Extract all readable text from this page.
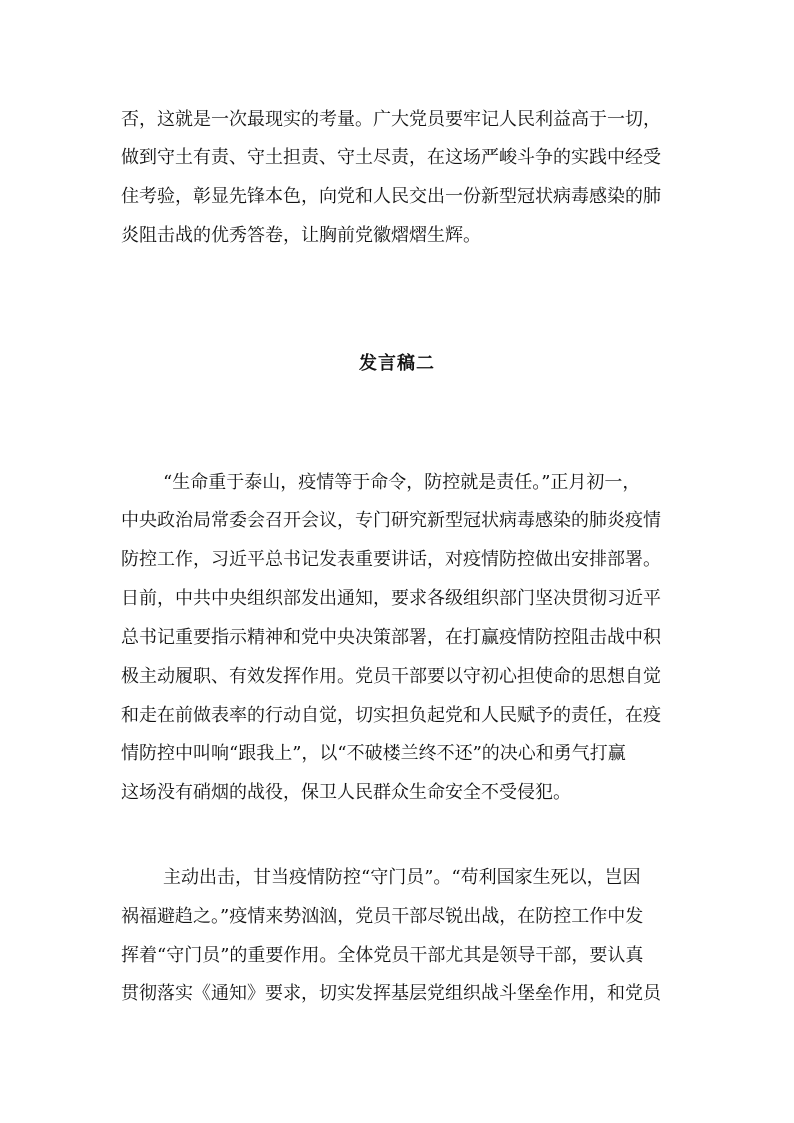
否，这就是一次最现实的考量。广大党员要牢记人民利益高于一切，
做到守土有责、守土担责、守土尽责，在这场严峻斗争的实践中经受
住考验，彰显先锋本色，向党和人民交出一份新型冠状病毒感染的肺
炎阻击战的优秀答卷，让胸前党徽熠熠生辉。
发言稿二
“生命重于泰山，疫情等于命令，防控就是责任。”正月初一，
中央政治局常委会召开会议，专门研究新型冠状病毒感染的肺炎疫情
防控工作，习近平总书记发表重要讲话，对疫情防控做出安排部署。
日前，中共中央组织部发出通知，要求各级组织部门坚决贯彻习近平
总书记重要指示精神和党中央决策部署，在打赢疫情防控阻击战中积
极主动履职、有效发挥作用。党员干部要以守初心担使命的思想自觉
和走在前做表率的行动自觉，切实担负起党和人民赋予的责任，在疫
情防控中叫响“跟我上”，以“不破楼兰终不还”的决心和勇气打赢
这场没有硝烟的战役，保卫人民群众生命安全不受侵犯。
主动出击，甘当疫情防控“守门员”。“苟利国家生死以，岂因
祸福避趋之。”疫情来势汹汹，党员干部尽锐出战，在防控工作中发
挥着“守门员”的重要作用。全体党员干部尤其是领导干部，要认真
贯彻落实《通知》要求，切实发挥基层党组织战斗堡垒作用，和党员
